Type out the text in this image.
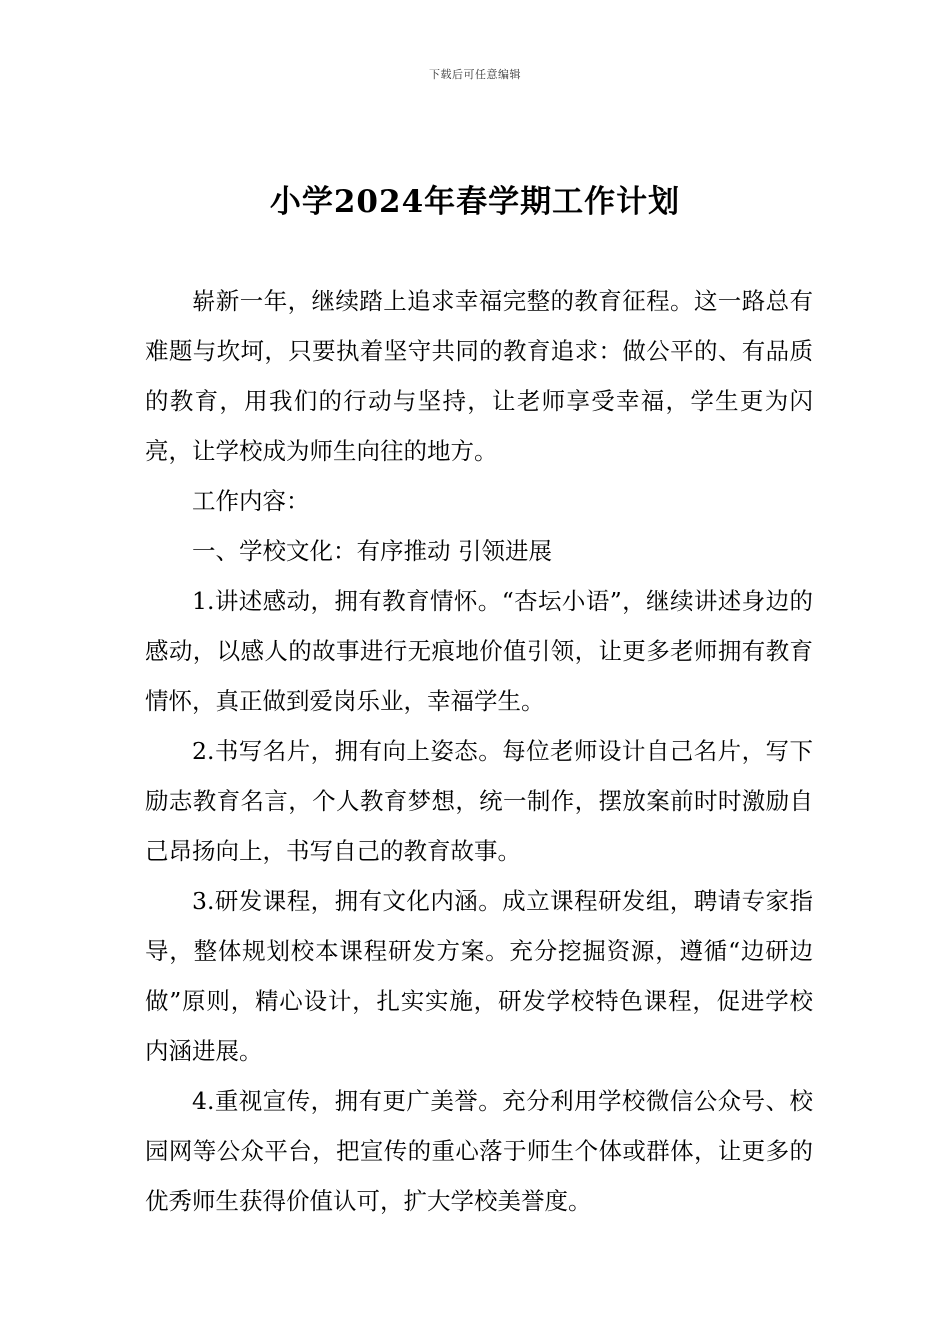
下载后可任意编辑
小学2024年春学期工作计划

崭新一年，继续踏上追求幸福完整的教育征程。这一路总有难题与坎坷，只要执着坚守共同的教育追求：做公平的、有品质的教育，用我们的行动与坚持，让老师享受幸福，学生更为闪亮，让学校成为师生向往的地方。

工作内容：

一、学校文化：有序推动 引领进展

1.讲述感动，拥有教育情怀。“杏坛小语”，继续讲述身边的感动，以感人的故事进行无痕地价值引领，让更多老师拥有教育情怀，真正做到爱岗乐业，幸福学生。

2.书写名片，拥有向上姿态。每位老师设计自己名片，写下励志教育名言，个人教育梦想，统一制作，摆放案前时时激励自己昂扬向上，书写自己的教育故事。

3.研发课程，拥有文化内涵。成立课程研发组，聘请专家指导，整体规划校本课程研发方案。充分挖掘资源，遵循“边研边做”原则，精心设计，扎实实施，研发学校特色课程，促进学校内涵进展。

4.重视宣传，拥有更广美誉。充分利用学校微信公众号、校园网等公众平台，把宣传的重心落于师生个体或群体，让更多的优秀师生获得价值认可，扩大学校美誉度。
